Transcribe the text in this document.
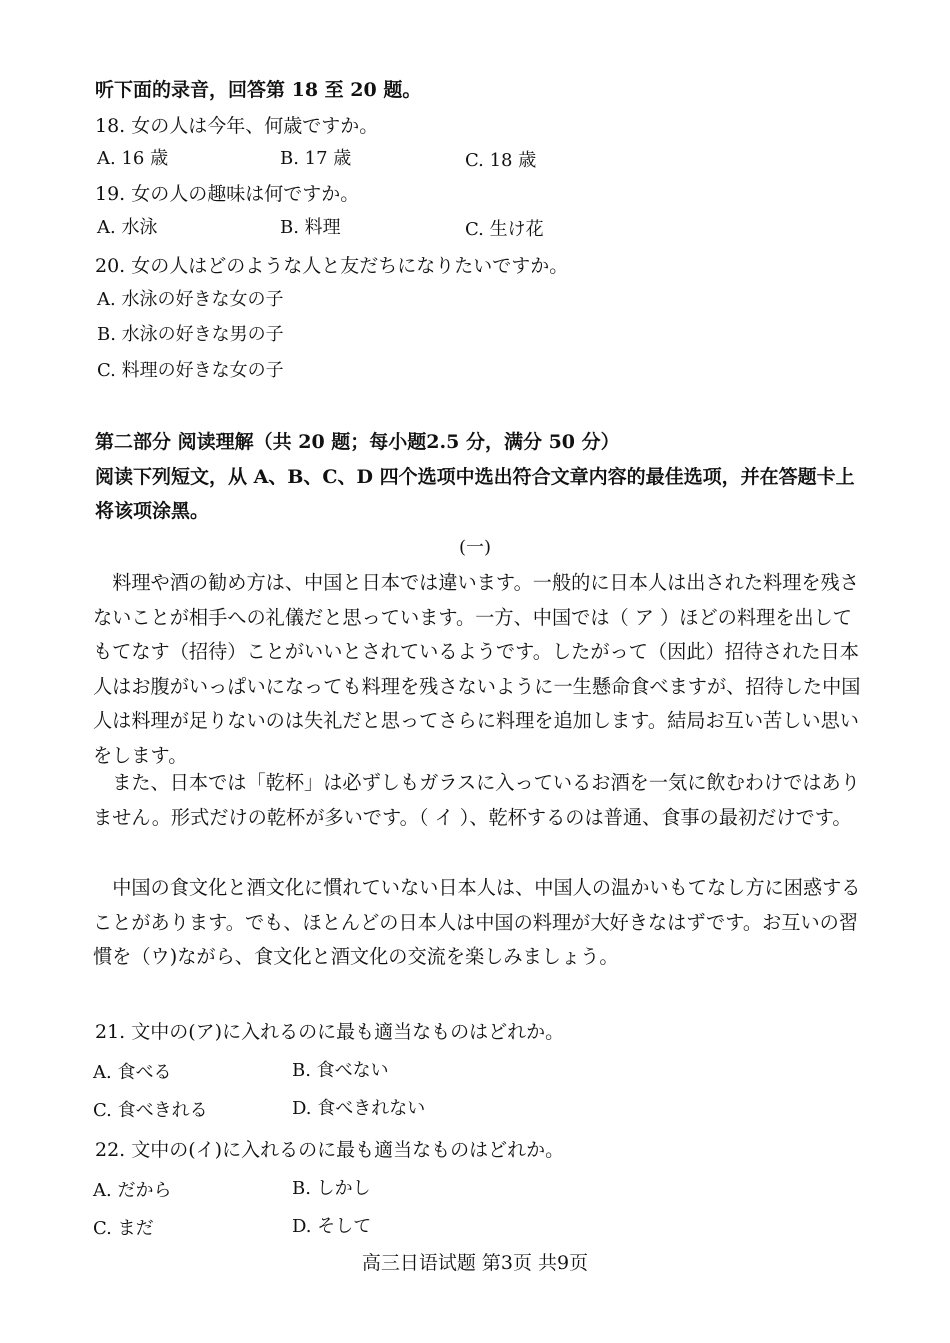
听下面的录音，回答第 18 至 20 题。
18. 女の人は今年、何歳ですか。
A. 16 歳	B. 17 歳	C. 18 歳
19. 女の人の趣味は何ですか。
A. 水泳	B. 料理	C. 生け花
20. 女の人はどのような人と友だちになりたいですか。
A. 水泳の好きな女の子
B. 水泳の好きな男の子
C. 料理の好きな女の子
第二部分 阅读理解（共 20 题；每小题2.5 分，满分 50 分）
阅读下列短文，从 A、B、C、D 四个选项中选出符合文章内容的最佳选项，并在答题卡上将该项涂黑。
(一)

料理や酒の勧め方は、中国と日本では違います。一般的に日本人は出された料理を残さないことが相手への礼儀だと思っています。一方、中国では（ ア ）ほどの料理を出してもてなす（招待）ことがいいとされているようです。したがって（因此）招待された日本人はお腹がいっぱいになっても料理を残さないように一生懸命食べますが、招待した中国人は料理が足りないのは失礼だと思ってさらに料理を追加します。結局お互い苦しい思いをします。

また、日本では「乾杯」は必ずしもガラスに入っているお酒を一気に飲むわけではありません。形式だけの乾杯が多いです。（ イ ）、乾杯するのは普通、食事の最初だけです。

中国の食文化と酒文化に慣れていない日本人は、中国人の温かいもてなし方に困惑することがあります。でも、ほとんどの日本人は中国の料理が大好きなはずです。お互いの習慣を（ウ)ながら、食文化と酒文化の交流を楽しみましょう。

21. 文中の(ア)に入れるのに最も適当なものはどれか。
A. 食べる	B. 食べない
C. 食べきれる	D. 食べきれない
22. 文中の(イ)に入れるのに最も適当なものはどれか。
A. だから	B. しかし
C. まだ	D. そして
高三日语试题 第3页 共9页
